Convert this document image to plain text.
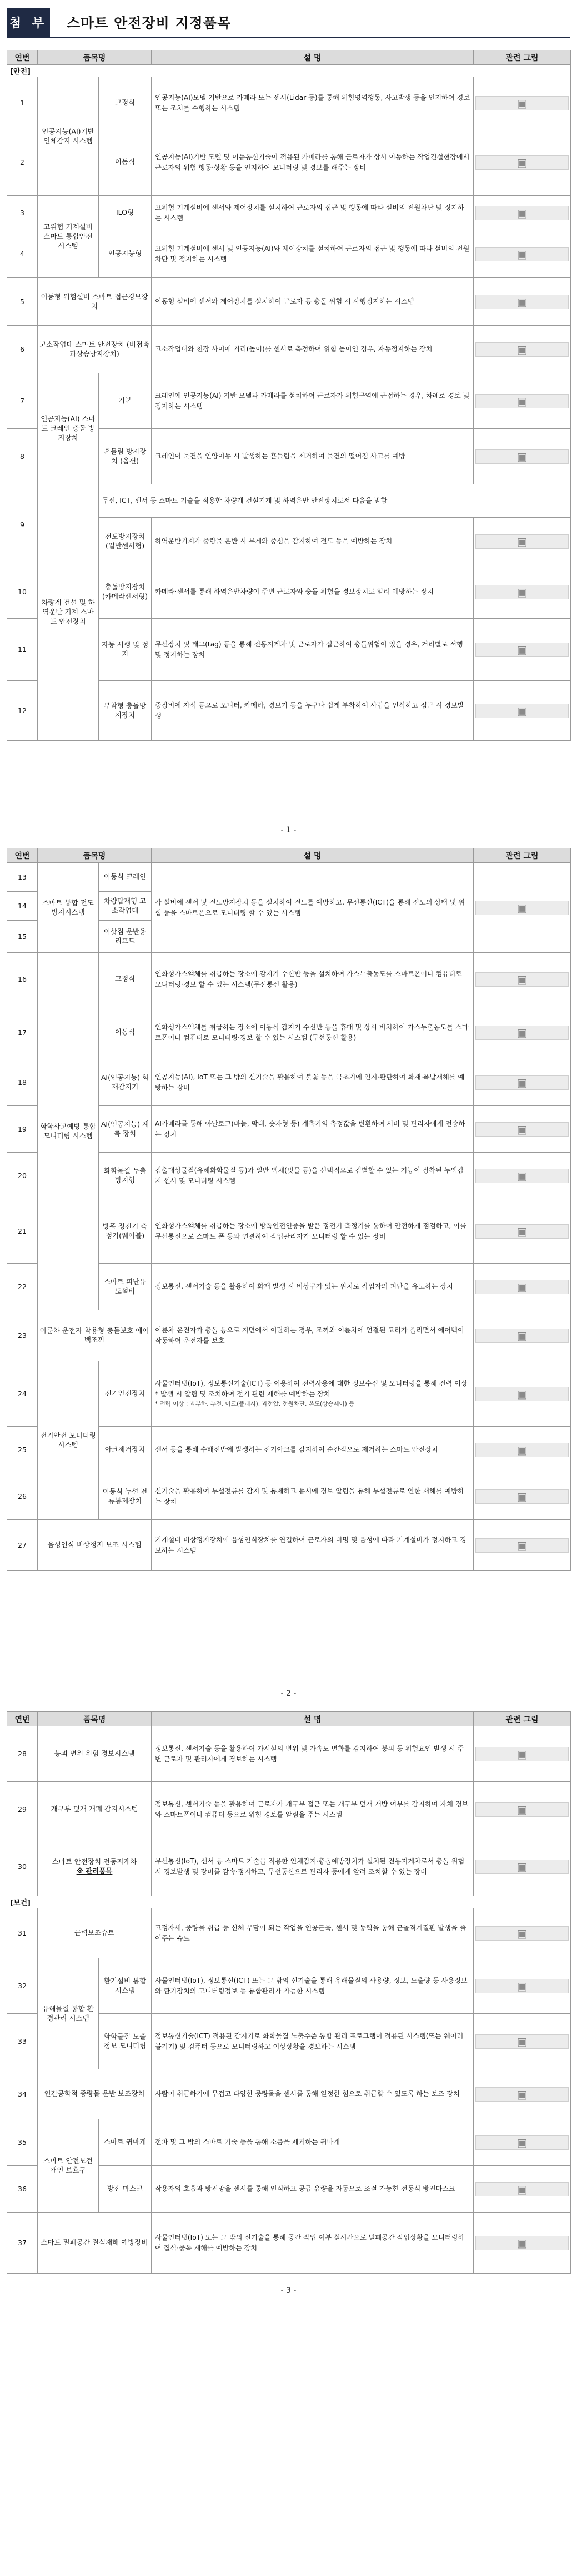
첨 부 스마트 안전장비 지정품목
연번	품목명		설 명	관련 그림
[안전]				
1	인공지능(AI)기반 인체감지 시스템	고정식	인공지능(AI)모델 기반으로 카메라 또는 센서(Lidar 등)를 통해 위험영역행동, 사고발생 등을 인지하여 경보 또는 조치를 수행하는 시스템	▣

2		이동식	인공지능(AI)기반 모델 및 이동통신기술이 적용된 카메라를 통해 근로자가 상시 이동하는 작업건설현장에서 근로자의 위험 행동·상황 등을 인지하여 모니터링 및 경보를 해주는 장비	▣

3	고위험 기계설비 스마트 통합안전 시스템	ILO형	고위험 기계설비에 센서와 제어장치를 설치하여 근로자의 접근 및 행동에 따라 설비의 전원차단 및 정지하는 시스템	▣

4		인공지능형	고위험 기계설비에 센서 및 인공지능(AI)와 제어장치를 설치하여 근로자의 접근 및 행동에 따라 설비의 전원차단 및 정지하는 시스템	▣

5	이동형 위험설비 스마트 접근경보장치		이동형 설비에 센서와 제어장치를 설치하여 근로자 등 충돌 위험 시 사행정지하는 시스템	▣

6	고소작업대 스마트 안전장치 (비접촉 과상승방지장치)		고소작업대와 천장 사이에 거리(높이)를 센서로 측정하여 위험 높이인 경우, 자동정지하는 장치	▣

7	인공지능(AI) 스마트 크레인 충돌 방지장치	기본	크레인에 인공지능(AI) 기반 모델과 카메라를 설치하여 근로자가 위험구역에 근접하는 경우, 차례로 경보 및 정지하는 시스템	▣

8		흔들림 방지장치 (옵션)	크레인이 물건을 인양이동 시 발생하는 흔들림을 제거하여 물건의 떨어짐 사고를 예방	▣

9	차량계 건설 및 하역운반 기계 스마트 안전장치	무선, ICT, 센서 등 스마트 기술을 적용한 차량계 건설기계 및 하역운반 안전장치로서 다음을 말함		
		전도방지장치 (일반센서형)	하역운반기계가 중량물 운반 시 무게와 중심을 감지하여 전도 등을 예방하는 장치	▣

10		충돌방지장치 (카메라센서형)	카메라·센서를 통해 하역운반차량이 주변 근로자와 충돌 위험을 경보장치로 알려 예방하는 장치	▣

11		자동 서행 및 정지	무선장치 및 태그(tag) 등을 통해 전동지게차 및 근로자가 접근하여 충돌위험이 있을 경우, 거리별로 서행 및 정지하는 장치	▣

12		부착형 충돌방지장치	중장비에 자석 등으로 모니터, 카메라, 경보기 등을 누구나 쉽게 부착하여 사람을 인식하고 접근 시 경보발생	▣
- 1 -
연번	품목명		설 명	관련 그림
13	스마트 통합 전도 방지시스템	이동식 크레인	각 설비에 센서 및 전도방지장치 등을 설치하여 전도를 예방하고, 무선통신(ICT)을 통해 전도의 상태 및 위험 등을 스마트폰으로 모니터링 할 수 있는 시스템	▣

14		차량탑재형 고소작업대		
15		이삿짐 운반용 리프트		
16	화학사고예방 통합 모니터링 시스템	고정식	인화성가스액체를 취급하는 장소에 감지기 수신반 등을 설치하여 가스누출농도를 스마트폰이나 컴퓨터로 모니터링·경보 할 수 있는 시스템(무선통신 활용)	▣

17		이동식	인화성가스액체를 취급하는 장소에 이동식 감지기 수신반 등을 휴대 및 상시 비치하여 가스누출농도를 스마트폰이나 컴퓨터로 모니터링·경보 할 수 있는 시스템 (무선통신 활용)	▣

18		AI(인공지능) 화재감지기	인공지능(AI), IoT 또는 그 밖의 신기술을 활용하여 불꽃 등을 극초기에 인지·판단하여 화재·폭발재해를 예방하는 장비	▣

19		AI(인공지능) 계측 장치	AI카메라를 통해 아날로그(바늘, 막대, 숫자형 등) 계측기의 측정값을 변환하여 서버 및 관리자에게 전송하는 장치	▣

20		화학물질 누출 방지형	검출대상물질(유해화학물질 등)과 일반 액체(빗물 등)을 선택적으로 검별할 수 있는 기능이 장착된 누액감지 센서 및 모니터링 시스템	▣

21		방폭 정전기 측정기(웨어블)	인화성가스액체를 취급하는 장소에 방폭인전인증을 받은 정전기 측정기를 통하여 안전하게 점검하고, 이를 무선통신으로 스마트 폰 등과 연결하여 작업관리자가 모니터링 할 수 있는 장비	▣

22		스마트 피난유도설비	정보통신, 센서기술 등을 활용하여 화재 발생 시 비상구가 있는 위치로 작업자의 피난을 유도하는 장치	▣

23	이륜차 운전자 착용형 충돌보호 에어백조끼		이륜차 운전자가 충돌 등으로 지면에서 이탈하는 경우, 조끼와 이륜차에 연결된 고리가 풀리면서 에어백이 작동하여 운전자를 보호	▣

24	전기안전 모니터링 시스템	전기안전장치	사물인터넷(IoT), 정보통신기술(ICT) 등 이용하여 전력사용에 대한 정보수집 및 모니터링을 통해 전력 이상* 발생 시 알림 및 조치하여 전기 관련 재해를 예방하는 장치
* 전력 이상 : 과부하, 누전, 아크(플래시), 과전압, 전원차단, 온도(상승제어) 등	▣

25		아크제거장치	센서 등을 통해 수배전반에 발생하는 전기아크를 감지하여 순간적으로 제거하는 스마트 안전장치	▣

26		이동식 누설 전류통제장치	신기술을 활용하여 누설전류를 감지 및 통제하고 동시에 경보 알림을 통해 누설전류로 인한 재해를 예방하는 장치	▣

27	음성인식 비상정지 보조 시스템		기계설비 비상정지장치에 음성인식장치를 연결하여 근로자의 비명 및 음성에 따라 기계설비가 정지하고 경보하는 시스템	▣
- 2 -
연번	품목명		설 명	관련 그림
28	붕괴 변위 위험 경보시스템		정보통신, 센서기술 등을 활용하여 가시설의 변위 및 가속도 변화를 감지하여 붕괴 등 위험요인 발생 시 주변 근로자 및 관리자에게 경보하는 시스템	▣

29	개구부 덮개 개폐 감지시스템		정보통신, 센서기술 등을 활용하여 근로자가 개구부 접근 또는 개구부 덮개 개방 여부를 감지하여 자체 경보와 스마트폰이나 컴퓨터 등으로 위험 경보를 알림을 주는 시스템	▣

30	스마트 안전장치 전동지게차
※ 관리품목		무선통신(IoT), 센서 등 스마트 기술을 적용한 인체감지·충돌예방장치가 설치된 전동지게차로서 충돌 위험 시 경보발생 및 장비를 감속·정지하고, 무선통신으로 관리자 등에게 알려 조치할 수 있는 장비	▣

[보건]				
31	근력보조슈트		고정자세, 중량물 취급 등 신체 부담이 되는 작업을 인공근육, 센서 및 동력을 통해 근골격계질환 발생을 줄여주는 슈트	▣

32	유해물질 통합 환경관리 시스템	환기설비 통합 시스템	사물인터넷(IoT), 정보통신(ICT) 또는 그 밖의 신기술을 통해 유해물질의 사용량, 정보, 노출량 등 사용정보와 환기장치의 모니터링정보 등 통합관리가 가능한 시스템	▣

33		화학물질 노출정보 모니터링	정보통신기술(ICT) 적용된 감지기로 화학물질 노출수준 통합 관리 프로그램이 적용된 시스템(또는 웨어러블기기) 및 컴퓨터 등으로 모니터링하고 이상상황을 경보하는 시스템	▣

34	인간공학적 중량물 운반 보조장치		사람이 취급하기에 무겁고 다양한 중량물을 센서를 통해 일정한 힘으로 취급할 수 있도록 하는 보조 장치	▣

35	스마트 안전보건 개인 보호구	스마트 귀마개	전파 및 그 밖의 스마트 기술 등을 통해 소음을 제거하는 귀마개	▣

36		방진 마스크	작용자의 호흡과 방진망을 센서를 통해 인식하고 공급 유량을 자동으로 조절 가능한 전동식 방진마스크	▣

37	스마트 밀폐공간 질식재해 예방장비		사물인터넷(IoT) 또는 그 밖의 신기술을 통해 공간 작업 여부 실시간으로 밀폐공간 작업상황을 모니터링하여 질식·중독 재해를 예방하는 장치	▣
- 3 -
